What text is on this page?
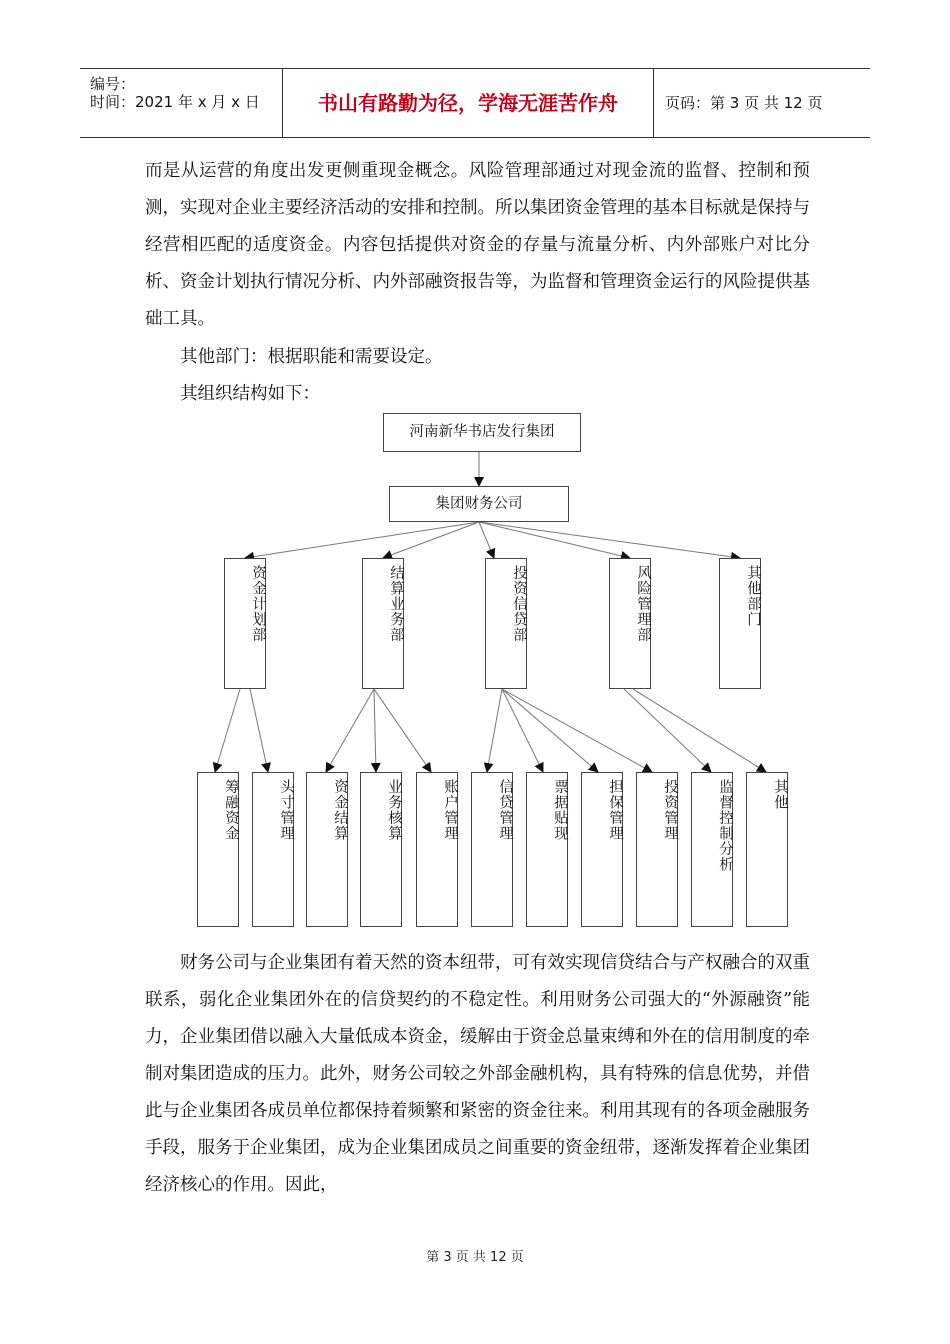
编号：
时间：2021 年 x 月 x 日	书山有路勤为径，学海无涯苦作舟	页码：第 3 页 共 12 页

而是从运营的角度出发更侧重现金概念。风险管理部通过对现金流的监督、控制和预测，实现对企业主要经济活动的安排和控制。所以集团资金管理的基本目标就是保持与经营相匹配的适度资金。内容包括提供对资金的存量与流量分析、内外部账户对比分析、资金计划执行情况分析、内外部融资报告等，为监督和管理资金运行的风险提供基础工具。

其他部门：根据职能和需要设定。

其组织结构如下：

河南新华书店发行集团
集团财务公司
资金计划部	结算业务部	投资信贷部	风险管理部	其他部门
筹融资金	头寸管理	资金结算	业务核算	账户管理	信贷管理	票据贴现	担保管理	投资管理	监督控制分析	其他

财务公司与企业集团有着天然的资本纽带，可有效实现信贷结合与产权融合的双重联系，弱化企业集团外在的信贷契约的不稳定性。利用财务公司强大的“外源融资”能力，企业集团借以融入大量低成本资金，缓解由于资金总量束缚和外在的信用制度的牵制对集团造成的压力。此外，财务公司较之外部金融机构，具有特殊的信息优势，并借此与企业集团各成员单位都保持着频繁和紧密的资金往来。利用其现有的各项金融服务手段，服务于企业集团，成为企业集团成员之间重要的资金纽带，逐渐发挥着企业集团经济核心的作用。因此，

第 3 页 共 12 页
